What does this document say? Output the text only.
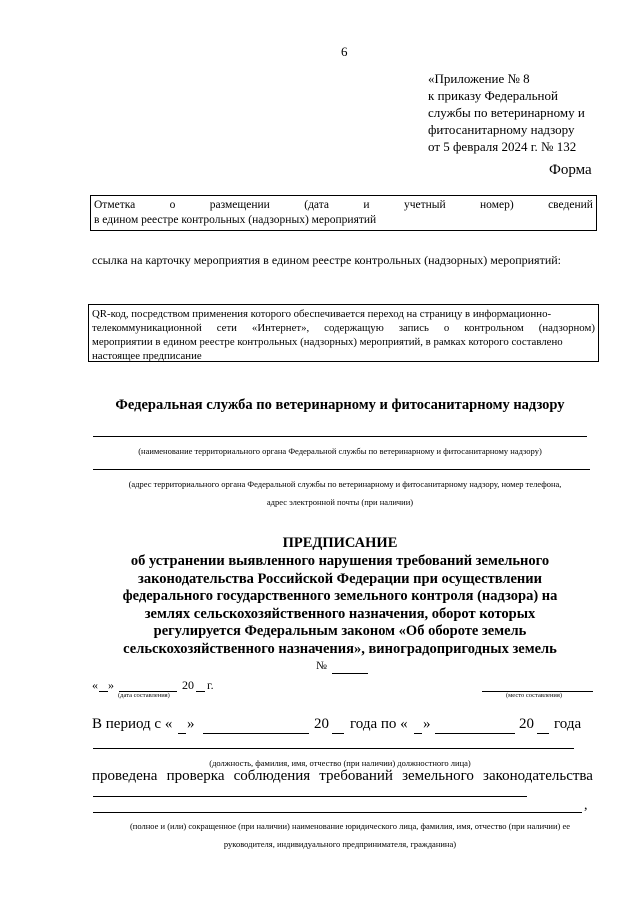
6
«Приложение № 8
к приказу Федеральной
службы по ветеринарному и
фитосанитарному надзору
от 5 февраля 2024 г. № 132
Форма
Отметка	о	размещении	(дата	и	учетный	номер)	сведений
в едином реестре контрольных (надзорных) мероприятий
ссылка на карточку мероприятия в едином реестре контрольных (надзорных) мероприятий:
QR-код, посредством применения которого обеспечивается переход на страницу в информационно-
телекоммуникационной сети «Интернет», содержащую запись о контрольном (надзорном)
мероприятии в едином реестре контрольных (надзорных) мероприятий, в рамках которого составлено
настоящее предписание
Федеральная служба по ветеринарному и фитосанитарному надзору
(наименование территориального органа Федеральной службы по ветеринарному и фитосанитарному надзору)
(адрес территориального органа Федеральной службы по ветеринарному и фитосанитарному надзору, номер телефона,
адрес электронной почты (при наличии)
ПРЕДПИСАНИЕ
об устранении выявленного нарушения требований земельного
законодательства Российской Федерации при осуществлении
федерального государственного земельного контроля (надзора) на
землях сельскохозяйственного назначения, оборот которых
регулируется Федеральным законом «Об обороте земель
сельскохозяйственного назначения», виноградопригодных земель
№
« »	20 г.
(дата составления)	(место составления)
В период с « »	20 года по « »	20 года
(должность, фамилия, имя, отчество (при наличии) должностного лица)
проведена проверка соблюдения требований земельного законодательства
,
(полное и (или) сокращенное (при наличии) наименование юридического лица, фамилия, имя, отчество (при наличии) ее
руководителя, индивидуального предпринимателя, гражданина)
